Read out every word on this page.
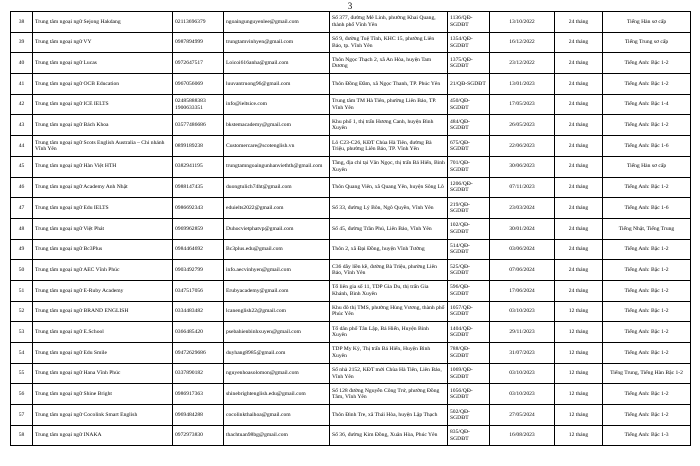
3
38	Trung tâm ngoại ngữ Sejong Hakdang	02113696379	ngoaingunguyenlee@gmail.com	Số 377, đường Mê Linh, phường Khai Quang, thành phố Vĩnh Yên	1136/QĐ-SGDĐT	13/10/2022	24 tháng	Tiếng Hàn sơ cấp
39	Trung tâm ngoại ngữ VY	0987894999	trungtamvinhyen@gmail.com	Số 9, đường Tuệ Tĩnh, KHC 15, phường Liên Bảo, tp. Vĩnh Yên	1354/QĐ-SGDĐT	16/12/2022	24 tháng	Tiếng Trung sơ cấp
40	Trung tâm ngoại ngữ Lucas	0972647517	Loicoi616anha@gmail.com	Thôn Ngọc Thạch 2, xã An Hòa, huyện Tam Dương	1375/QĐ-SGDĐT	23/12/2022	24 tháng	Tiếng Anh: Bậc 1-2
41	Trung tâm ngoại ngữ OCB Education	0967056069	luuvantruong96@gmail.com	Thôn Đồng Đầm, xã Ngọc Thanh, TP. Phúc Yên	21/QĐ-SGDĐT	13/01/2023	24 tháng	Tiếng Anh: Bậc 1-2
42	Trung tâm ngoại ngữ ICE IELTS	02485888383 1900633351	info@ieltsice.com	Trung tâm TM Hà Tiên, phường Liên Bảo, TP. Vĩnh Yên	450/QĐ-SGDĐT	17/05/2023	24 tháng	Tiếng Anh: Bậc 1-4
43	Trung tâm ngoại ngữ Bách Khoa	03577486686	bkstemacademy@gmail.com	Khu phố 1, thị trấn Hương Canh, huyện Bình Xuyên	484/QĐ-SGDĐT	26/05/2023	24 tháng	Tiếng Anh: Bậc 1-2
44	Trung tâm ngoại ngữ Scots English Australia – Chi nhánh Vĩnh Yên	0899189238	Customercare@scotenglish.vn	Lô C23-C26, KĐT Chùa Hà Tiên, đường Bà Triệu, phường Liên Bảo, TP. Vĩnh Yên	675/QĐ-SGDĐT	22/06/2023	24 tháng	Tiếng Anh: Bậc 1-6
45	Trung tâm ngoại ngữ Hàn Việt HTH	0382941195	trungtamngoaingunhanviethth@gmail.com	Tầng, địa chỉ tại Vân Ngọc, thị trấn Bá Hiến, Bình Xuyên	701/QĐ-SGDĐT	30/06/2023	24 tháng	Tiếng Hàn sơ cấp
46	Trung tâm ngoại ngữ Academy Anh Nhật	0988147435	duongtulich74ht@gmail.com	Thôn Quang Viên, xã Quang Yên, huyện Sông Lô	1206/QĐ-SGDĐT	07/11/2023	24 tháng	Tiếng Anh: Bậc 1-2
47	Trung tâm ngoại ngữ Edu IELTS	0986692343	eduielts2022@gmail.com	Số 33, đường Lý Bôn, Ngô Quyền, Vĩnh Yên	219/QĐ-SGDĐT	23/03/2024	24 tháng	Tiếng Anh: Bậc 1-6
48	Trung tâm ngoại ngữ Việt Phát	0969962859	Duhocvietphatvp@gmail.com	Số 45, đường Trần Phú, Liên Bảo, Vĩnh Yên	102/QĐ-SGDĐT	30/01/2024	24 tháng	Tiếng Nhật, Tiếng Trung
49	Trung tâm ngoại ngữ Bc3Plus	0984464692	Bc3plus.edu@gmail.com	Thôn 2, xã Đại Đồng, huyện Vĩnh Tường	514/QĐ-SGDĐT	03/06/2024	24 tháng	Tiếng Anh: Bậc 1-2
50	Trung tâm ngoại ngữ AEC Vĩnh Phúc	0903492799	info.aecvinhyen@gmail.com	C36 dãy liền kề, đường Bà Triệu, phường Liên Bảo, Vĩnh Yên	525/QĐ-SGDĐT	07/06/2024	24 tháng	Tiếng Anh: Bậc 1-2
51	Trung tâm ngoại ngữ E-Ruby Academy	0347517056	Erubyacademy@gmail.com	Tổ liên gia số 11, TDP Gia Du, thị trấn Gia Khánh, Bình Xuyên	596/QĐ-SGDĐT	17/06/2024	24 tháng	Tiếng Anh: Bậc 1-2
52	Trung tâm ngoại ngữ BRAND ENGLISH	0334483482	lcanenglish22@gmail.com	Khu đô thị TMS, phường Hùng Vương, thành phố Phúc Yên	1057/QĐ-SGDĐT	03/10/2023	12 tháng	Tiếng Anh: Bậc 1-2
53	Trung tâm ngoại ngữ E.School	0366485420	psebahienbinhxuyen@gmail.com	Tổ dân phố Tân Lập, Bá Hiến, Huyện Bình Xuyên	1404/QĐ-SGDĐT	29/11/2023	12 tháng	Tiếng Anh: Bậc 1-2
54	Trung tâm ngoại ngữ Edu Smile	09472629686	duyhang8985@gmail.com	TDP My Kỳ, Thị trấn Bá Hiến, Huyện Bình Xuyên	788/QĐ-SGDĐT	31/07/2023	12 tháng	Tiếng Anh: Bậc 1-2
55	Trung tâm ngoại ngữ Hana Vĩnh Phúc	0337890182	nguyenhoasolomon@gmail.com	Số nhà 2152, KĐT mới Chùa Hà Tiên, Liên Bảo, Vĩnh Yên	1069/QĐ-SGDĐT	03/10/2023	12 tháng	Tiếng Trung, Tiếng Hàn Bậc 1-2
56	Trung tâm ngoại ngữ Shine Bright	0986917363	shinebrightenglish.edu@gmail.com	Số 128 đường Nguyễn Công Trứ, phường Đồng Tâm, Vĩnh Yên	1056/QĐ-SGDĐT	03/10/2023	12 tháng	Tiếng Anh: Bậc 1-2
57	Trung tâm ngoại ngữ Cocolink Smart English	0969484288	cocolinkthaihoa@gmail.com	Thôn Đình Tre, xã Thái Hòa, huyện Lập Thạch	502/QĐ-SGDĐT	27/05/2024	12 tháng	Tiếng Anh: Bậc 1-2
58	Trung tâm ngoại ngữ INAKA	0972973830	thachtuan98bg@gmail.com	Số 36, đường Kim Đồng, Xuân Hòa, Phúc Yên	835/QĐ-SGDĐT	16/08/2023	12 tháng	Tiếng Anh: Bậc 1-3
